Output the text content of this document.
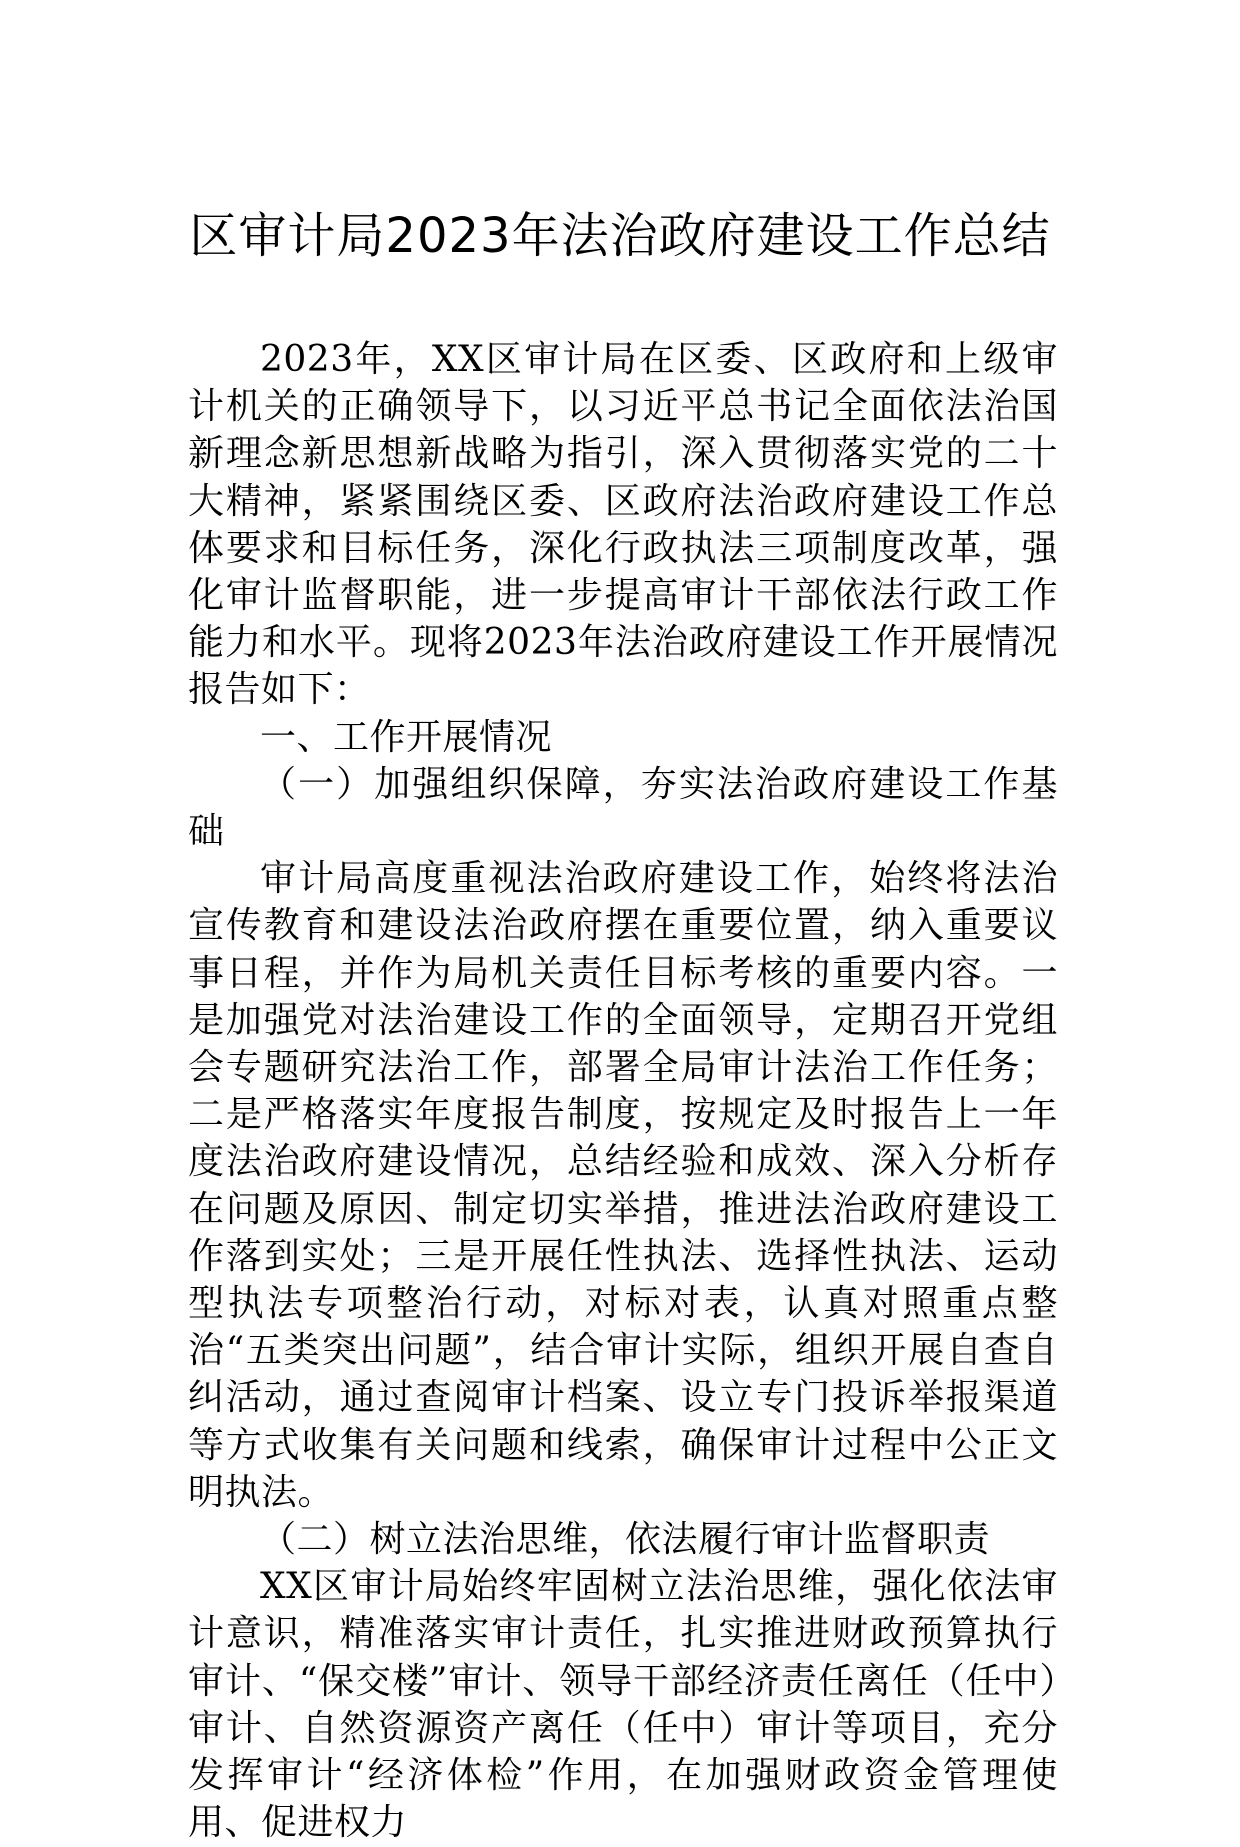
区审计局2023年法治政府建设工作总结

2023年，XX区审计局在区委、区政府和上级审计机关的正确领导下，以习近平总书记全面依法治国新理念新思想新战略为指引，深入贯彻落实党的二十大精神，紧紧围绕区委、区政府法治政府建设工作总体要求和目标任务，深化行政执法三项制度改革，强化审计监督职能，进一步提高审计干部依法行政工作能力和水平。现将2023年法治政府建设工作开展情况报告如下：

一、工作开展情况

（一）加强组织保障，夯实法治政府建设工作基础

审计局高度重视法治政府建设工作，始终将法治宣传教育和建设法治政府摆在重要位置，纳入重要议事日程，并作为局机关责任目标考核的重要内容。一是加强党对法治建设工作的全面领导，定期召开党组会专题研究法治工作，部署全局审计法治工作任务；二是严格落实年度报告制度，按规定及时报告上一年度法治政府建设情况，总结经验和成效、深入分析存在问题及原因、制定切实举措，推进法治政府建设工作落到实处；三是开展任性执法、选择性执法、运动型执法专项整治行动，对标对表，认真对照重点整治“五类突出问题”，结合审计实际，组织开展自查自纠活动，通过查阅审计档案、设立专门投诉举报渠道等方式收集有关问题和线索，确保审计过程中公正文明执法。

（二）树立法治思维，依法履行审计监督职责

XX区审计局始终牢固树立法治思维，强化依法审计意识，精准落实审计责任，扎实推进财政预算执行审计、“保交楼”审计、领导干部经济责任离任（任中）审计、自然资源资产离任（任中）审计等项目，充分发挥审计“经济体检”作用，在加强财政资金管理使用、促进权力
